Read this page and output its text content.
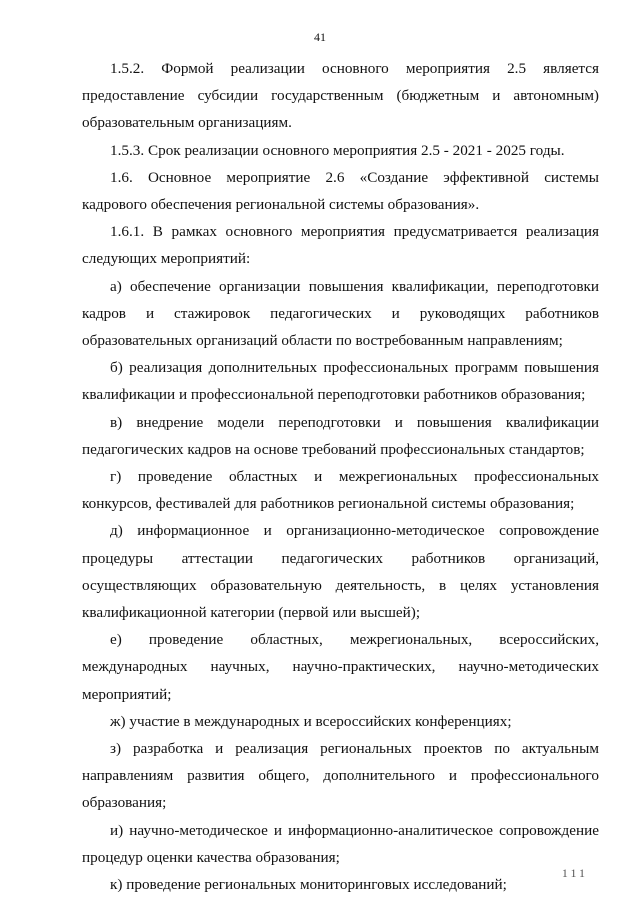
41

1.5.2. Формой реализации основного мероприятия 2.5 является предоставление субсидии государственным (бюджетным и автономным) образовательным организациям.

1.5.3. Срок реализации основного мероприятия 2.5 - 2021 - 2025 годы.

1.6. Основное мероприятие 2.6 «Создание эффективной системы кадрового обеспечения региональной системы образования».

1.6.1. В рамках основного мероприятия предусматривается реализация следующих мероприятий:

а) обеспечение организации повышения квалификации, переподготовки кадров и стажировок педагогических и руководящих работников образовательных организаций области по востребованным направлениям;

б) реализация дополнительных профессиональных программ повышения квалификации и профессиональной переподготовки работников образования;

в) внедрение модели переподготовки и повышения квалификации педагогических кадров на основе требований профессиональных стандартов;

г) проведение областных и межрегиональных профессиональных конкурсов, фестивалей для работников региональной системы образования;

д) информационное и организационно-методическое сопровождение процедуры аттестации педагогических работников организаций, осуществляющих образовательную деятельность, в целях установления квалификационной категории (первой или высшей);

е) проведение областных, межрегиональных, всероссийских, международных научных, научно-практических, научно-методических мероприятий;

ж) участие в международных и всероссийских конференциях;

з) разработка и реализация региональных проектов по актуальным направлениям развития общего, дополнительного и профессионального образования;

и) научно-методическое и информационно-аналитическое сопровождение процедур оценки качества образования;

к) проведение региональных мониторинговых исследований;

111
